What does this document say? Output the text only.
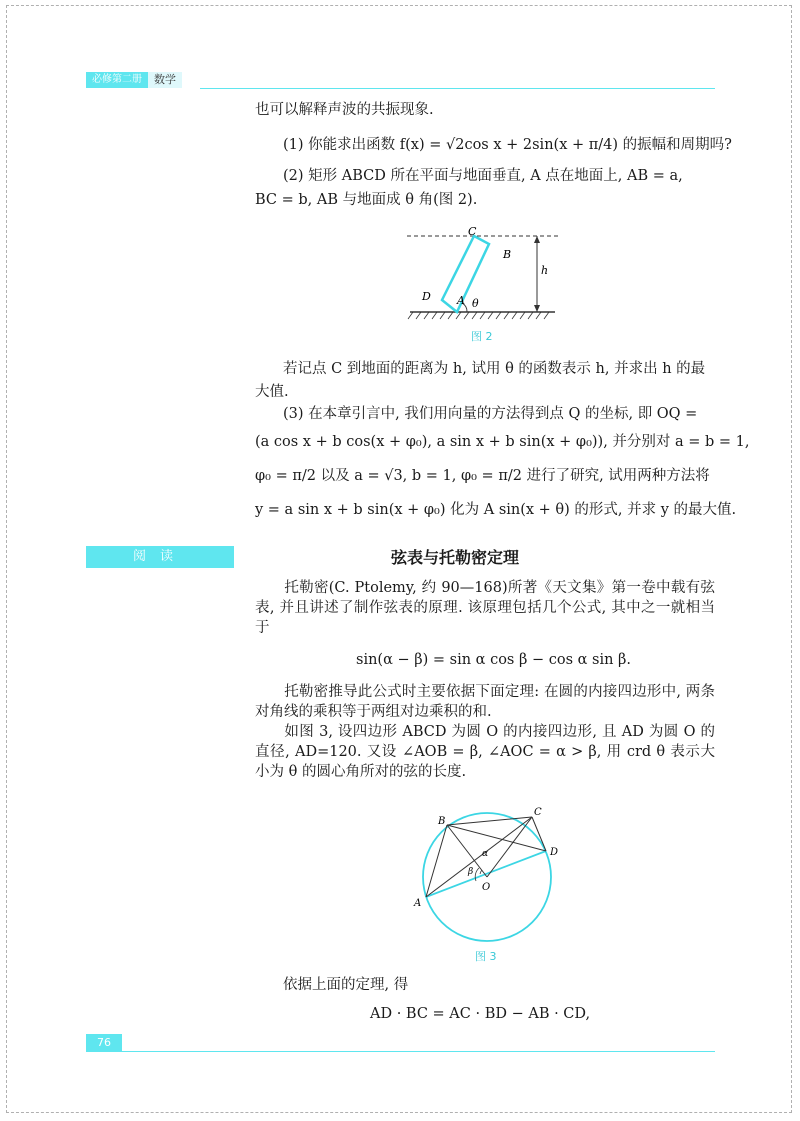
必修第二册	数学
也可以解释声波的共振现象.
(1) 你能求出函数 f(x) = √2cos x + 2sin(x + π/4) 的振幅和周期吗?
(2) 矩形 ABCD 所在平面与地面垂直, A 点在地面上, AB = a,
BC = b, AB 与地面成 θ 角(图 2).
C
B
D A
h
θ
图 2
若记点 C 到地面的距离为 h, 试用 θ 的函数表示 h, 并求出 h 的最
大值.
(3) 在本章引言中, 我们用向量的方法得到点 Q 的坐标, 即 OQ =
(a cos x + b cos(x + φ₀), a sin x + b sin(x + φ₀)), 并分别对 a = b = 1,
φ₀ = π/2 以及 a = √3, b = 1, φ₀ = π/2 进行了研究, 试用两种方法将
y = a sin x + b sin(x + φ₀) 化为 A sin(x + θ) 的形式, 并求 y 的最大值.
阅读	弦表与托勒密定理
托勒密(C. Ptolemy, 约 90—168)所著《天文集》第一卷中载有弦表, 并且讲述了制作弦表的原理. 该原理包括几个公式, 其中之一就相当于
sin(α − β) = sin α cos β − cos α sin β.
托勒密推导此公式时主要依据下面定理: 在圆的内接四边形中, 两条对角线的乘积等于两组对边乘积的和.
如图 3, 设四边形 ABCD 为圆 O 的内接四边形, 且 AD 为圆 O 的直径, AD=120. 又设 ∠AOB = β, ∠AOC = α > β, 用 crd θ 表示大小为 θ 的圆心角所对的弦的长度.
A
B
C
D
O
α
β
图 3
依据上面的定理, 得
AD · BC = AC · BD − AB · CD,
76
